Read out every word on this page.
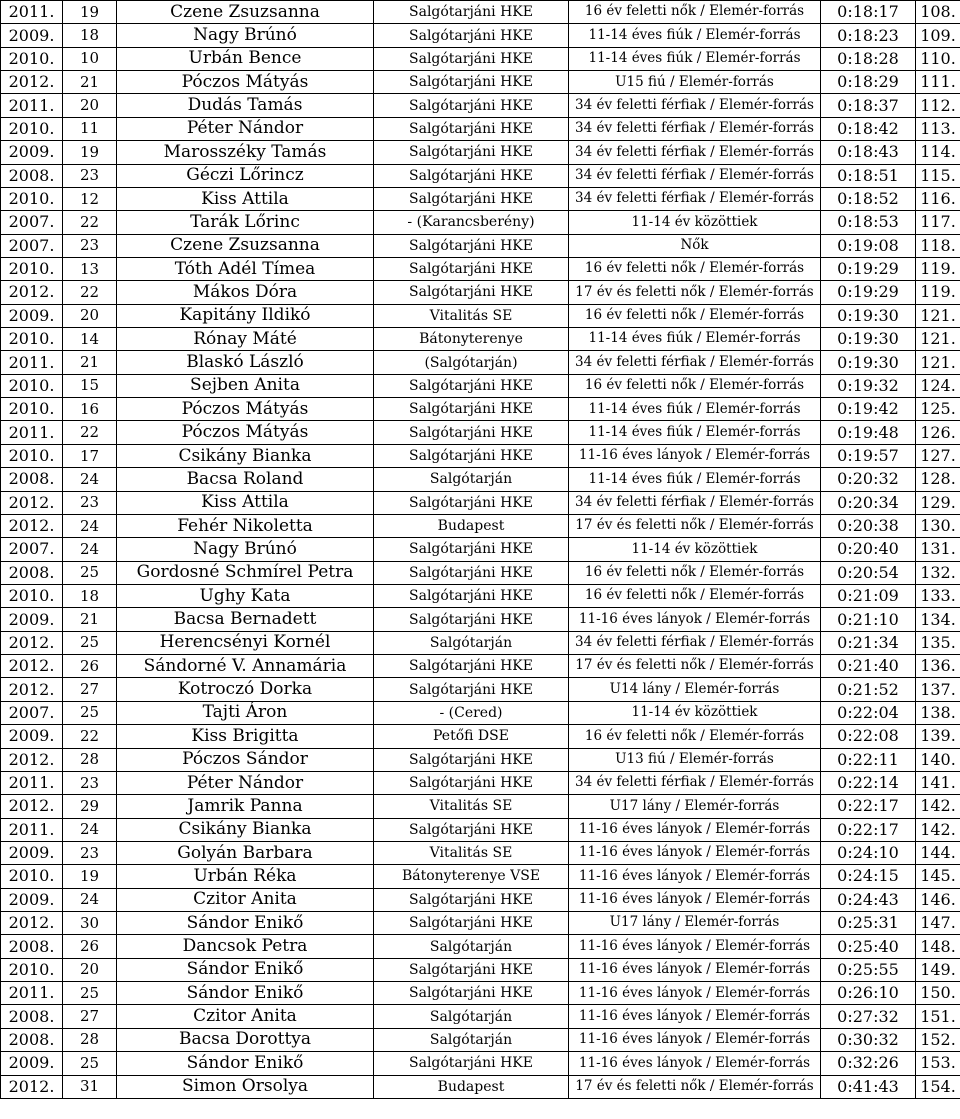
2011.	19	Czene Zsuzsanna	Salgótarjáni HKE	16 év feletti nők / Elemér-forrás	0:18:17	108.
2009.	18	Nagy Brúnó	Salgótarjáni HKE	11-14 éves fiúk / Elemér-forrás	0:18:23	109.
2010.	10	Urbán Bence	Salgótarjáni HKE	11-14 éves fiúk / Elemér-forrás	0:18:28	110.
2012.	21	Póczos Mátyás	Salgótarjáni HKE	U15 fiú / Elemér-forrás	0:18:29	111.
2011.	20	Dudás Tamás	Salgótarjáni HKE	34 év feletti férfiak / Elemér-forrás	0:18:37	112.
2010.	11	Péter Nándor	Salgótarjáni HKE	34 év feletti férfiak / Elemér-forrás	0:18:42	113.
2009.	19	Marosszéky Tamás	Salgótarjáni HKE	34 év feletti férfiak / Elemér-forrás	0:18:43	114.
2008.	23	Géczi Lőrincz	Salgótarjáni HKE	34 év feletti férfiak / Elemér-forrás	0:18:51	115.
2010.	12	Kiss Attila	Salgótarjáni HKE	34 év feletti férfiak / Elemér-forrás	0:18:52	116.
2007.	22	Tarák Lőrinc	- (Karancsberény)	11-14 év közöttiek	0:18:53	117.
2007.	23	Czene Zsuzsanna	Salgótarjáni HKE	Nők	0:19:08	118.
2010.	13	Tóth Adél Tímea	Salgótarjáni HKE	16 év feletti nők / Elemér-forrás	0:19:29	119.
2012.	22	Mákos Dóra	Salgótarjáni HKE	17 év és feletti nők / Elemér-forrás	0:19:29	119.
2009.	20	Kapitány Ildikó	Vitalitás SE	16 év feletti nők / Elemér-forrás	0:19:30	121.
2010.	14	Rónay Máté	Bátonyterenye	11-14 éves fiúk / Elemér-forrás	0:19:30	121.
2011.	21	Blaskó László	(Salgótarján)	34 év feletti férfiak / Elemér-forrás	0:19:30	121.
2010.	15	Sejben Anita	Salgótarjáni HKE	16 év feletti nők / Elemér-forrás	0:19:32	124.
2010.	16	Póczos Mátyás	Salgótarjáni HKE	11-14 éves fiúk / Elemér-forrás	0:19:42	125.
2011.	22	Póczos Mátyás	Salgótarjáni HKE	11-14 éves fiúk / Elemér-forrás	0:19:48	126.
2010.	17	Csikány Bianka	Salgótarjáni HKE	11-16 éves lányok / Elemér-forrás	0:19:57	127.
2008.	24	Bacsa Roland	Salgótarján	11-14 éves fiúk / Elemér-forrás	0:20:32	128.
2012.	23	Kiss Attila	Salgótarjáni HKE	34 év feletti férfiak / Elemér-forrás	0:20:34	129.
2012.	24	Fehér Nikoletta	Budapest	17 év és feletti nők / Elemér-forrás	0:20:38	130.
2007.	24	Nagy Brúnó	Salgótarjáni HKE	11-14 év közöttiek	0:20:40	131.
2008.	25	Gordosné Schmírel Petra	Salgótarjáni HKE	16 év feletti nők / Elemér-forrás	0:20:54	132.
2010.	18	Ughy Kata	Salgótarjáni HKE	16 év feletti nők / Elemér-forrás	0:21:09	133.
2009.	21	Bacsa Bernadett	Salgótarjáni HKE	11-16 éves lányok / Elemér-forrás	0:21:10	134.
2012.	25	Herencsényi Kornél	Salgótarján	34 év feletti férfiak / Elemér-forrás	0:21:34	135.
2012.	26	Sándorné V. Annamária	Salgótarjáni HKE	17 év és feletti nők / Elemér-forrás	0:21:40	136.
2012.	27	Kotroczó Dorka	Salgótarjáni HKE	U14 lány / Elemér-forrás	0:21:52	137.
2007.	25	Tajti Áron	- (Cered)	11-14 év közöttiek	0:22:04	138.
2009.	22	Kiss Brigitta	Petőfi DSE	16 év feletti nők / Elemér-forrás	0:22:08	139.
2012.	28	Póczos Sándor	Salgótarjáni HKE	U13 fiú / Elemér-forrás	0:22:11	140.
2011.	23	Péter Nándor	Salgótarjáni HKE	34 év feletti férfiak / Elemér-forrás	0:22:14	141.
2012.	29	Jamrik Panna	Vitalitás SE	U17 lány / Elemér-forrás	0:22:17	142.
2011.	24	Csikány Bianka	Salgótarjáni HKE	11-16 éves lányok / Elemér-forrás	0:22:17	142.
2009.	23	Golyán Barbara	Vitalitás SE	11-16 éves lányok / Elemér-forrás	0:24:10	144.
2010.	19	Urbán Réka	Bátonyterenye VSE	11-16 éves lányok / Elemér-forrás	0:24:15	145.
2009.	24	Czitor Anita	Salgótarjáni HKE	11-16 éves lányok / Elemér-forrás	0:24:43	146.
2012.	30	Sándor Enikő	Salgótarjáni HKE	U17 lány / Elemér-forrás	0:25:31	147.
2008.	26	Dancsok Petra	Salgótarján	11-16 éves lányok / Elemér-forrás	0:25:40	148.
2010.	20	Sándor Enikő	Salgótarjáni HKE	11-16 éves lányok / Elemér-forrás	0:25:55	149.
2011.	25	Sándor Enikő	Salgótarjáni HKE	11-16 éves lányok / Elemér-forrás	0:26:10	150.
2008.	27	Czitor Anita	Salgótarján	11-16 éves lányok / Elemér-forrás	0:27:32	151.
2008.	28	Bacsa Dorottya	Salgótarján	11-16 éves lányok / Elemér-forrás	0:30:32	152.
2009.	25	Sándor Enikő	Salgótarjáni HKE	11-16 éves lányok / Elemér-forrás	0:32:26	153.
2012.	31	Simon Orsolya	Budapest	17 év és feletti nők / Elemér-forrás	0:41:43	154.
